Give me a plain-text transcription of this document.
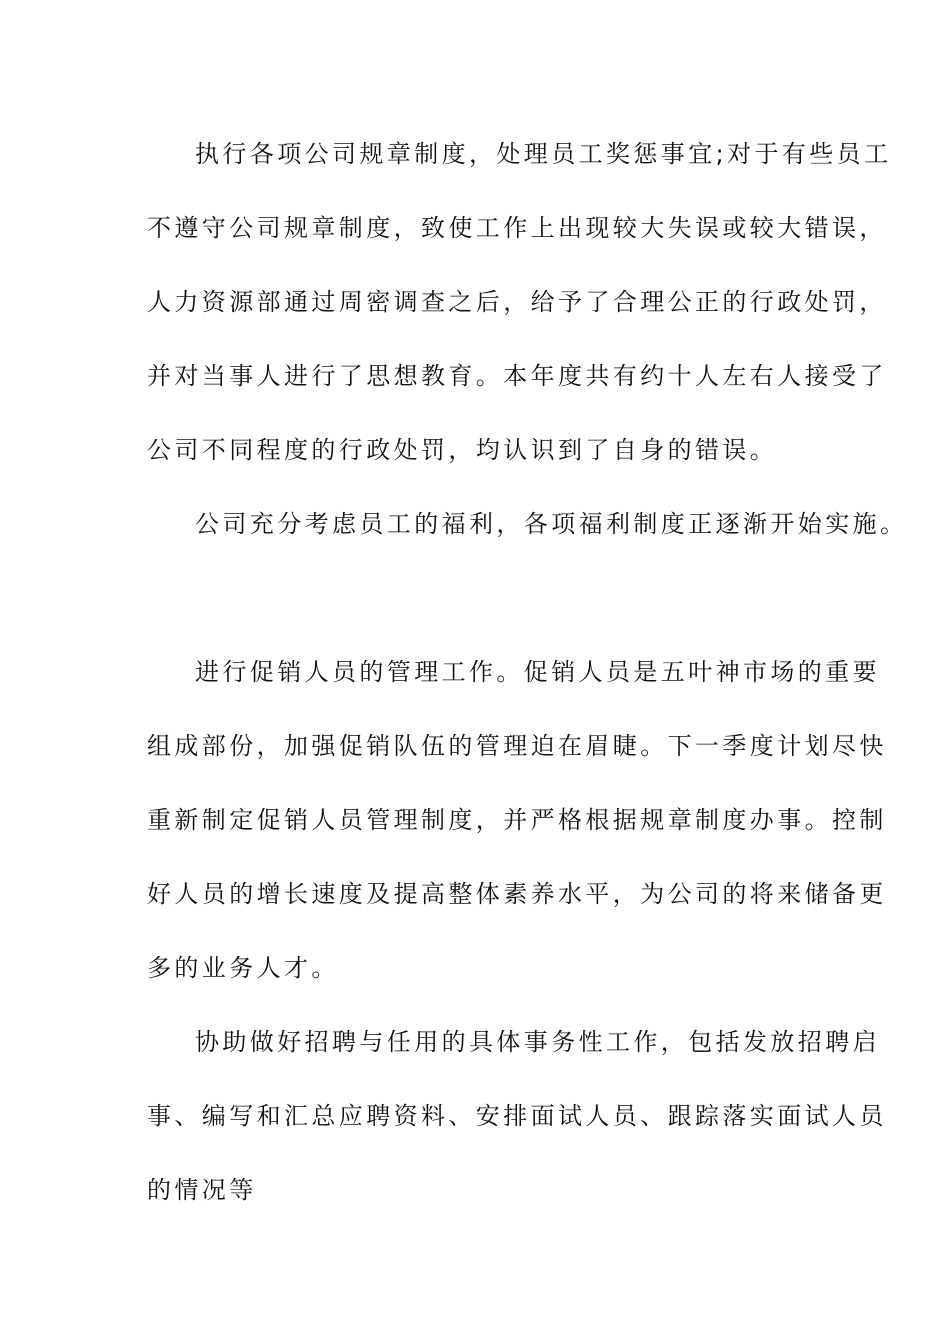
执行各项公司规章制度，处理员工奖惩事宜;对于有些员工
不遵守公司规章制度，致使工作上出现较大失误或较大错误，
人力资源部通过周密调查之后，给予了合理公正的行政处罚，
并对当事人进行了思想教育。本年度共有约十人左右人接受了
公司不同程度的行政处罚，均认识到了自身的错误。
公司充分考虑员工的福利，各项福利制度正逐渐开始实施。
进行促销人员的管理工作。促销人员是五叶神市场的重要
组成部份，加强促销队伍的管理迫在眉睫。下一季度计划尽快
重新制定促销人员管理制度，并严格根据规章制度办事。控制
好人员的增长速度及提高整体素养水平，为公司的将来储备更
多的业务人才。
协助做好招聘与任用的具体事务性工作，包括发放招聘启
事、编写和汇总应聘资料、安排面试人员、跟踪落实面试人员
的情况等
